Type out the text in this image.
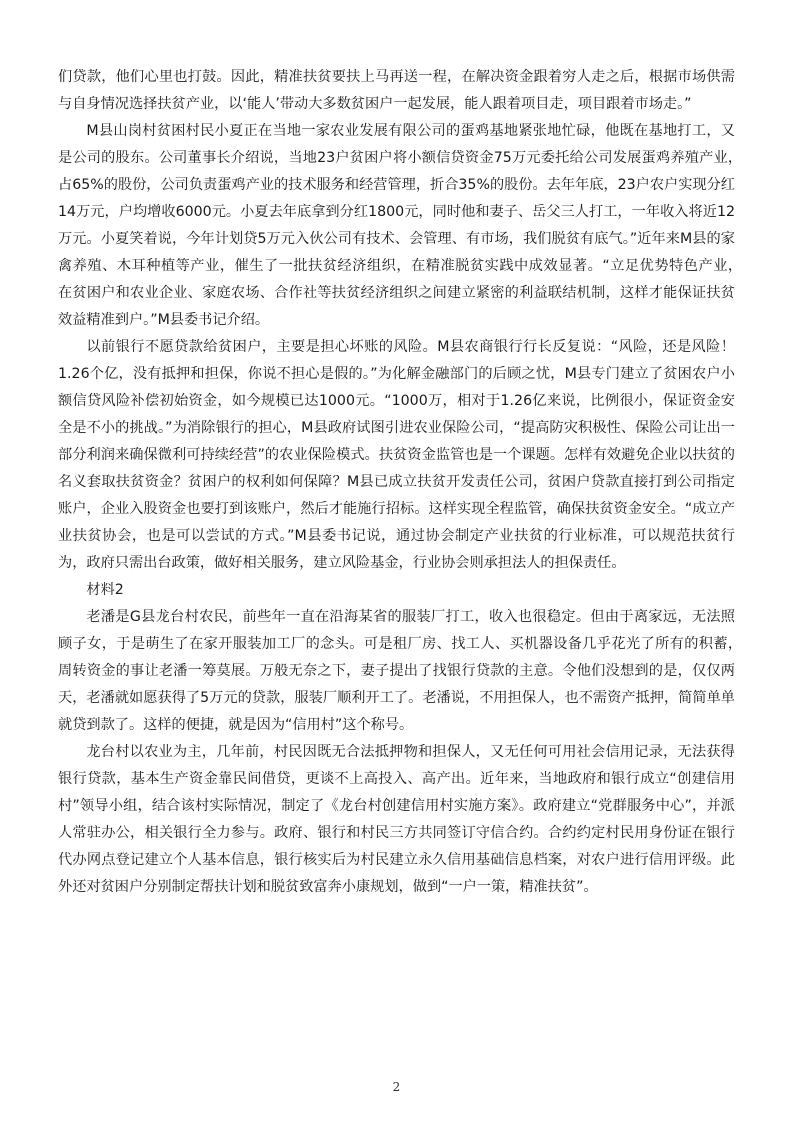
们贷款，他们心里也打鼓。因此，精准扶贫要扶上马再送一程，在解决资金跟着穷人走之后，根据市场供需与自身情况选择扶贫产业，以‘能人’带动大多数贫困户一起发展，能人跟着项目走，项目跟着市场走。”

M县山岗村贫困村民小夏正在当地一家农业发展有限公司的蛋鸡基地紧张地忙碌，他既在基地打工，又是公司的股东。公司董事长介绍说，当地23户贫困户将小额信贷资金75万元委托给公司发展蛋鸡养殖产业，　占65%的股份，公司负责蛋鸡产业的技术服务和经营管理，折合35%的股份。去年年底，23户农户实现分红14万元，户均增收6000元。小夏去年底拿到分红1800元，同时他和妻子、岳父三人打工，一年收入将近12万元。小夏笑着说，今年计划贷5万元入伙公司有技术、会管理、有市场，我们脱贫有底气。”近年来M县的家禽养殖、木耳种植等产业，催生了一批扶贫经济组织，在精准脱贫实践中成效显著。“立足优势特色产业，　在贫困户和农业企业、家庭农场、合作社等扶贫经济组织之间建立紧密的利益联结机制，这样才能保证扶贫效益精准到户。”M县委书记介绍。

以前银行不愿贷款给贫困户，主要是担心坏账的风险。M县农商银行行长反复说：“风险，还是风险！1.26个亿，没有抵押和担保，你说不担心是假的。”为化解金融部门的后顾之忧，M县专门建立了贫困农户小额信贷风险补偿初始资金，如今规模已达1000元。“1000万，相对于1.26亿来说，比例很小，保证资金安全是不小的挑战。”为消除银行的担心，M县政府试图引进农业保险公司，“提高防灾积极性、保险公司让出一部分利润来确保微利可持续经营”的农业保险模式。扶贫资金监管也是一个课题。怎样有效避免企业以扶贫的名义套取扶贫资金？贫困户的权利如何保障？M县已成立扶贫开发责任公司，贫困户贷款直接打到公司指定账户，企业入股资金也要打到该账户，然后才能施行招标。这样实现全程监管，确保扶贫资金安全。“成立产业扶贫协会，也是可以尝试的方式。”M县委书记说，通过协会制定产业扶贫的行业标准，可以规范扶贫行为，政府只需出台政策，做好相关服务，建立风险基金，行业协会则承担法人的担保责任。

材料2

老潘是G县龙台村农民，前些年一直在沿海某省的服装厂打工，收入也很稳定。但由于离家远，无法照顾子女，于是萌生了在家开服装加工厂的念头。可是租厂房、找工人、买机器设备几乎花光了所有的积蓄，　周转资金的事让老潘一筹莫展。万般无奈之下，妻子提出了找银行贷款的主意。令他们没想到的是，仅仅两天，老潘就如愿获得了5万元的贷款，服装厂顺利开工了。老潘说，不用担保人，也不需资产抵押，简简单单就贷到款了。这样的便捷，就是因为“信用村”这个称号。

龙台村以农业为主，几年前，村民因既无合法抵押物和担保人，又无任何可用社会信用记录，无法获得银行贷款，基本生产资金靠民间借贷，更谈不上高投入、高产出。近年来，当地政府和银行成立“创建信用村”领导小组，结合该村实际情况，制定了《龙台村创建信用村实施方案》。政府建立“党群服务中心”，并派人常驻办公，相关银行全力参与。政府、银行和村民三方共同签订守信合约。合约约定村民用身份证在银行代办网点登记建立个人基本信息，银行核实后为村民建立永久信用基础信息档案，对农户进行信用评级。此外还对贫困户分别制定帮扶计划和脱贫致富奔小康规划，做到“一户一策，精准扶贫”。

2
